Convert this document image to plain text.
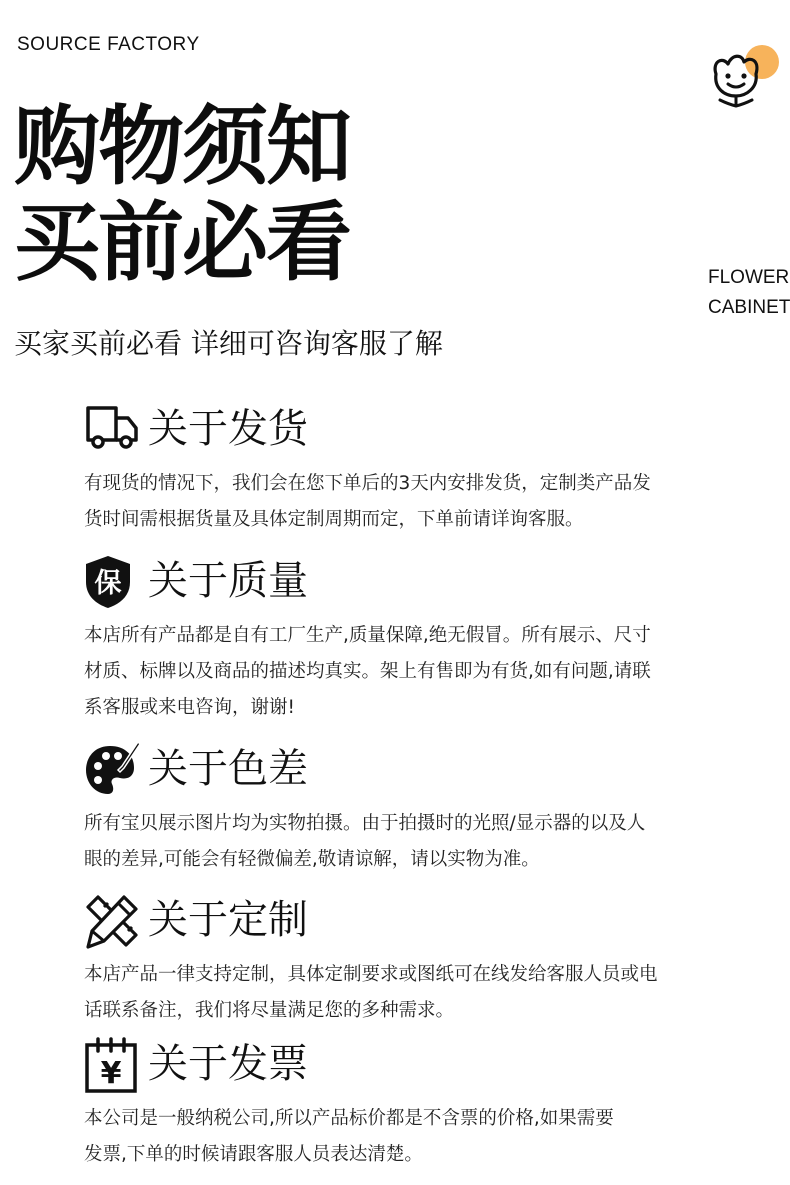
SOURCE FACTORY
购物须知
买前必看	FLOWER
CABINET
买家买前必看 详细可咨询客服了解
关于发货

有现货的情况下，我们会在您下单后的3天内安排发货，定制类产品发

货时间需根据货量及具体定制周期而定，下单前请详询客服。

保 关于质量

本店所有产品都是自有工厂生产,质量保障,绝无假冒。所有展示、尺寸

材质、标牌以及商品的描述均真实。架上有售即为有货,如有问题,请联

系客服或来电咨询，谢谢!

关于色差

所有宝贝展示图片均为实物拍摄。由于拍摄时的光照/显示器的以及人

眼的差异,可能会有轻微偏差,敬请谅解，请以实物为准。

关于定制

本店产品一律支持定制，具体定制要求或图纸可在线发给客服人员或电

话联系备注，我们将尽量满足您的多种需求。

¥ 关于发票

本公司是一般纳税公司,所以产品标价都是不含票的价格,如果需要

发票,下单的时候请跟客服人员表达清楚。
